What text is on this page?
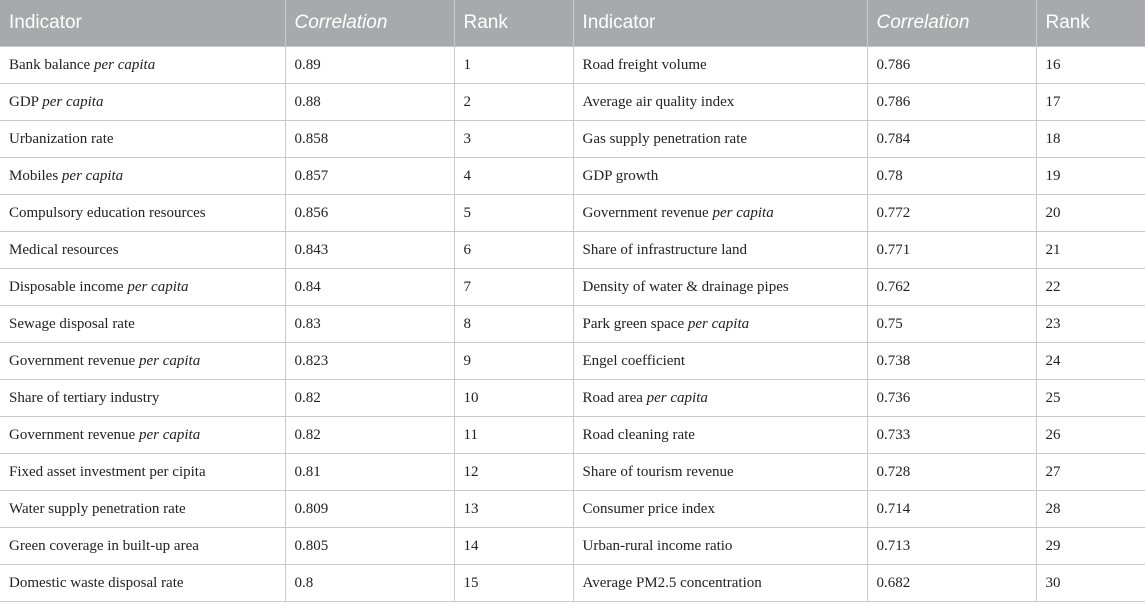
Indicator	Correlation	Rank	Indicator	Correlation	Rank
Bank balance per capita	0.89	1	Road freight volume	0.786	16
GDP per capita	0.88	2	Average air quality index	0.786	17
Urbanization rate	0.858	3	Gas supply penetration rate	0.784	18
Mobiles per capita	0.857	4	GDP growth	0.78	19
Compulsory education resources	0.856	5	Government revenue per capita	0.772	20
Medical resources	0.843	6	Share of infrastructure land	0.771	21
Disposable income per capita	0.84	7	Density of water & drainage pipes	0.762	22
Sewage disposal rate	0.83	8	Park green space per capita	0.75	23
Government revenue per capita	0.823	9	Engel coefficient	0.738	24
Share of tertiary industry	0.82	10	Road area per capita	0.736	25
Government revenue per capita	0.82	11	Road cleaning rate	0.733	26
Fixed asset investment per cipita	0.81	12	Share of tourism revenue	0.728	27
Water supply penetration rate	0.809	13	Consumer price index	0.714	28
Green coverage in built-up area	0.805	14	Urban-rural income ratio	0.713	29
Domestic waste disposal rate	0.8	15	Average PM2.5 concentration	0.682	30
